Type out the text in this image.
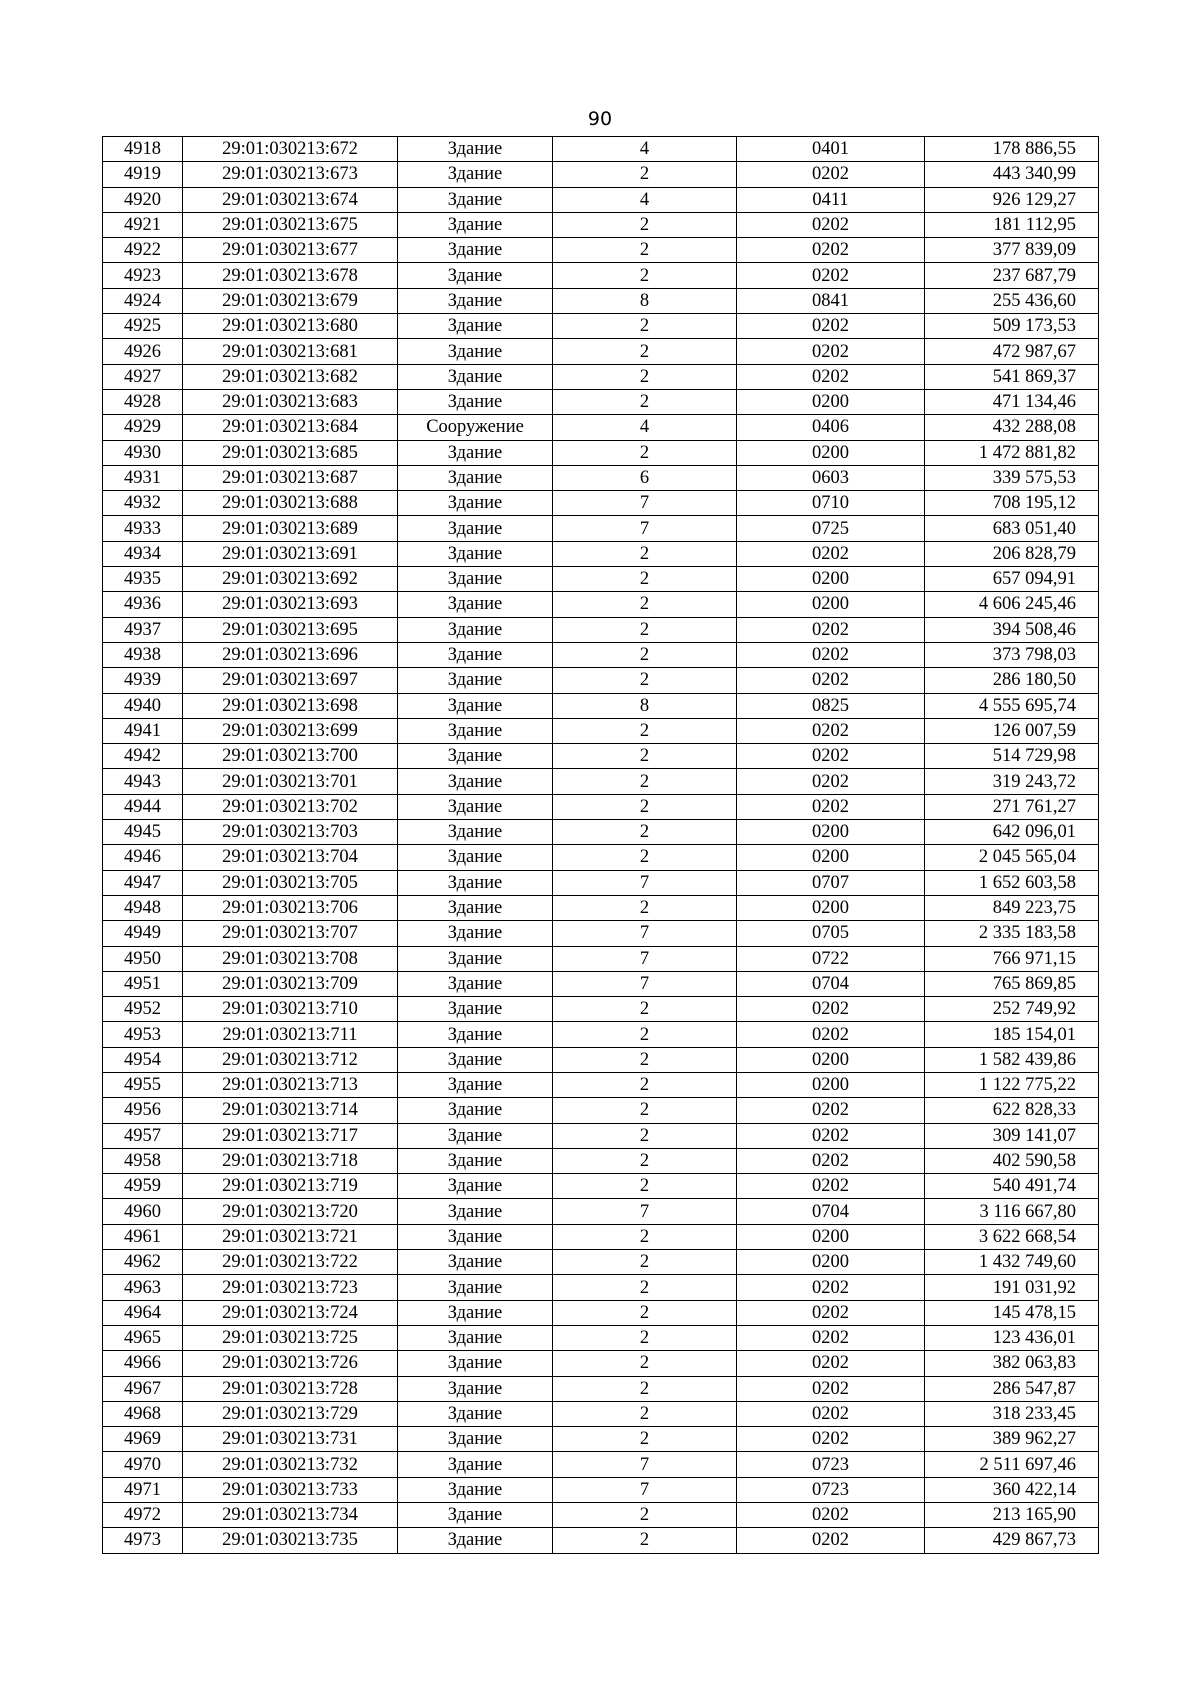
90
4918	29:01:030213:672	Здание	4	0401	178 886,55
4919	29:01:030213:673	Здание	2	0202	443 340,99
4920	29:01:030213:674	Здание	4	0411	926 129,27
4921	29:01:030213:675	Здание	2	0202	181 112,95
4922	29:01:030213:677	Здание	2	0202	377 839,09
4923	29:01:030213:678	Здание	2	0202	237 687,79
4924	29:01:030213:679	Здание	8	0841	255 436,60
4925	29:01:030213:680	Здание	2	0202	509 173,53
4926	29:01:030213:681	Здание	2	0202	472 987,67
4927	29:01:030213:682	Здание	2	0202	541 869,37
4928	29:01:030213:683	Здание	2	0200	471 134,46
4929	29:01:030213:684	Сооружение	4	0406	432 288,08
4930	29:01:030213:685	Здание	2	0200	1 472 881,82
4931	29:01:030213:687	Здание	6	0603	339 575,53
4932	29:01:030213:688	Здание	7	0710	708 195,12
4933	29:01:030213:689	Здание	7	0725	683 051,40
4934	29:01:030213:691	Здание	2	0202	206 828,79
4935	29:01:030213:692	Здание	2	0200	657 094,91
4936	29:01:030213:693	Здание	2	0200	4 606 245,46
4937	29:01:030213:695	Здание	2	0202	394 508,46
4938	29:01:030213:696	Здание	2	0202	373 798,03
4939	29:01:030213:697	Здание	2	0202	286 180,50
4940	29:01:030213:698	Здание	8	0825	4 555 695,74
4941	29:01:030213:699	Здание	2	0202	126 007,59
4942	29:01:030213:700	Здание	2	0202	514 729,98
4943	29:01:030213:701	Здание	2	0202	319 243,72
4944	29:01:030213:702	Здание	2	0202	271 761,27
4945	29:01:030213:703	Здание	2	0200	642 096,01
4946	29:01:030213:704	Здание	2	0200	2 045 565,04
4947	29:01:030213:705	Здание	7	0707	1 652 603,58
4948	29:01:030213:706	Здание	2	0200	849 223,75
4949	29:01:030213:707	Здание	7	0705	2 335 183,58
4950	29:01:030213:708	Здание	7	0722	766 971,15
4951	29:01:030213:709	Здание	7	0704	765 869,85
4952	29:01:030213:710	Здание	2	0202	252 749,92
4953	29:01:030213:711	Здание	2	0202	185 154,01
4954	29:01:030213:712	Здание	2	0200	1 582 439,86
4955	29:01:030213:713	Здание	2	0200	1 122 775,22
4956	29:01:030213:714	Здание	2	0202	622 828,33
4957	29:01:030213:717	Здание	2	0202	309 141,07
4958	29:01:030213:718	Здание	2	0202	402 590,58
4959	29:01:030213:719	Здание	2	0202	540 491,74
4960	29:01:030213:720	Здание	7	0704	3 116 667,80
4961	29:01:030213:721	Здание	2	0200	3 622 668,54
4962	29:01:030213:722	Здание	2	0200	1 432 749,60
4963	29:01:030213:723	Здание	2	0202	191 031,92
4964	29:01:030213:724	Здание	2	0202	145 478,15
4965	29:01:030213:725	Здание	2	0202	123 436,01
4966	29:01:030213:726	Здание	2	0202	382 063,83
4967	29:01:030213:728	Здание	2	0202	286 547,87
4968	29:01:030213:729	Здание	2	0202	318 233,45
4969	29:01:030213:731	Здание	2	0202	389 962,27
4970	29:01:030213:732	Здание	7	0723	2 511 697,46
4971	29:01:030213:733	Здание	7	0723	360 422,14
4972	29:01:030213:734	Здание	2	0202	213 165,90
4973	29:01:030213:735	Здание	2	0202	429 867,73
